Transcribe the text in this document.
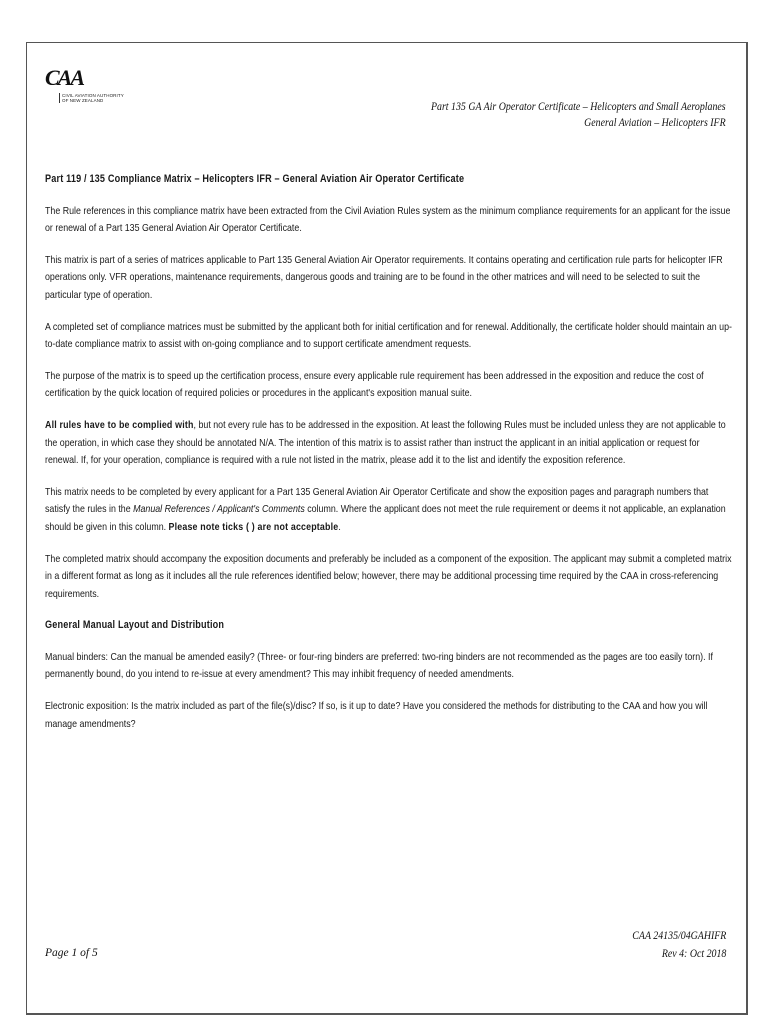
CAA
CIVIL AVIATION AUTHORITY
OF NEW ZEALAND
Part 135 GA Air Operator Certificate – Helicopters and Small Aeroplanes
General Aviation – Helicopters IFR
Part 119 / 135 Compliance Matrix – Helicopters IFR – General Aviation Air Operator Certificate

The Rule references in this compliance matrix have been extracted from the Civil Aviation Rules system as the minimum compliance requirements for an applicant for the issue or renewal of a Part 135 General Aviation Air Operator Certificate.

This matrix is part of a series of matrices applicable to Part 135 General Aviation Air Operator requirements. It contains operating and certification rule parts for helicopter IFR operations only. VFR operations, maintenance requirements, dangerous goods and training are to be found in the other matrices and will need to be selected to suit the particular type of operation.

A completed set of compliance matrices must be submitted by the applicant both for initial certification and for renewal. Additionally, the certificate holder should maintain an up-to-date compliance matrix to assist with on-going compliance and to support certificate amendment requests.

The purpose of the matrix is to speed up the certification process, ensure every applicable rule requirement has been addressed in the exposition and reduce the cost of certification by the quick location of required policies or procedures in the applicant's exposition manual suite.

All rules have to be complied with, but not every rule has to be addressed in the exposition. At least the following Rules must be included unless they are not applicable to the operation, in which case they should be annotated N/A. The intention of this matrix is to assist rather than instruct the applicant in an initial application or request for renewal. If, for your operation, compliance is required with a rule not listed in the matrix, please add it to the list and identify the exposition reference.

This matrix needs to be completed by every applicant for a Part 135 General Aviation Air Operator Certificate and show the exposition pages and paragraph numbers that satisfy the rules in the Manual References / Applicant's Comments column. Where the applicant does not meet the rule requirement or deems it not applicable, an explanation should be given in this column. Please note ticks ( ) are not acceptable.

The completed matrix should accompany the exposition documents and preferably be included as a component of the exposition. The applicant may submit a completed matrix in a different format as long as it includes all the rule references identified below; however, there may be additional processing time required by the CAA in cross-referencing requirements.

General Manual Layout and Distribution

Manual binders: Can the manual be amended easily? (Three- or four-ring binders are preferred: two-ring binders are not recommended as the pages are too easily torn). If permanently bound, do you intend to re-issue at every amendment? This may inhibit frequency of needed amendments.

Electronic exposition: Is the matrix included as part of the file(s)/disc? If so, is it up to date? Have you considered the methods for distributing to the CAA and how you will manage amendments?

Page 1 of 5
CAA 24135/04GAHIFR
Rev 4: Oct 2018
